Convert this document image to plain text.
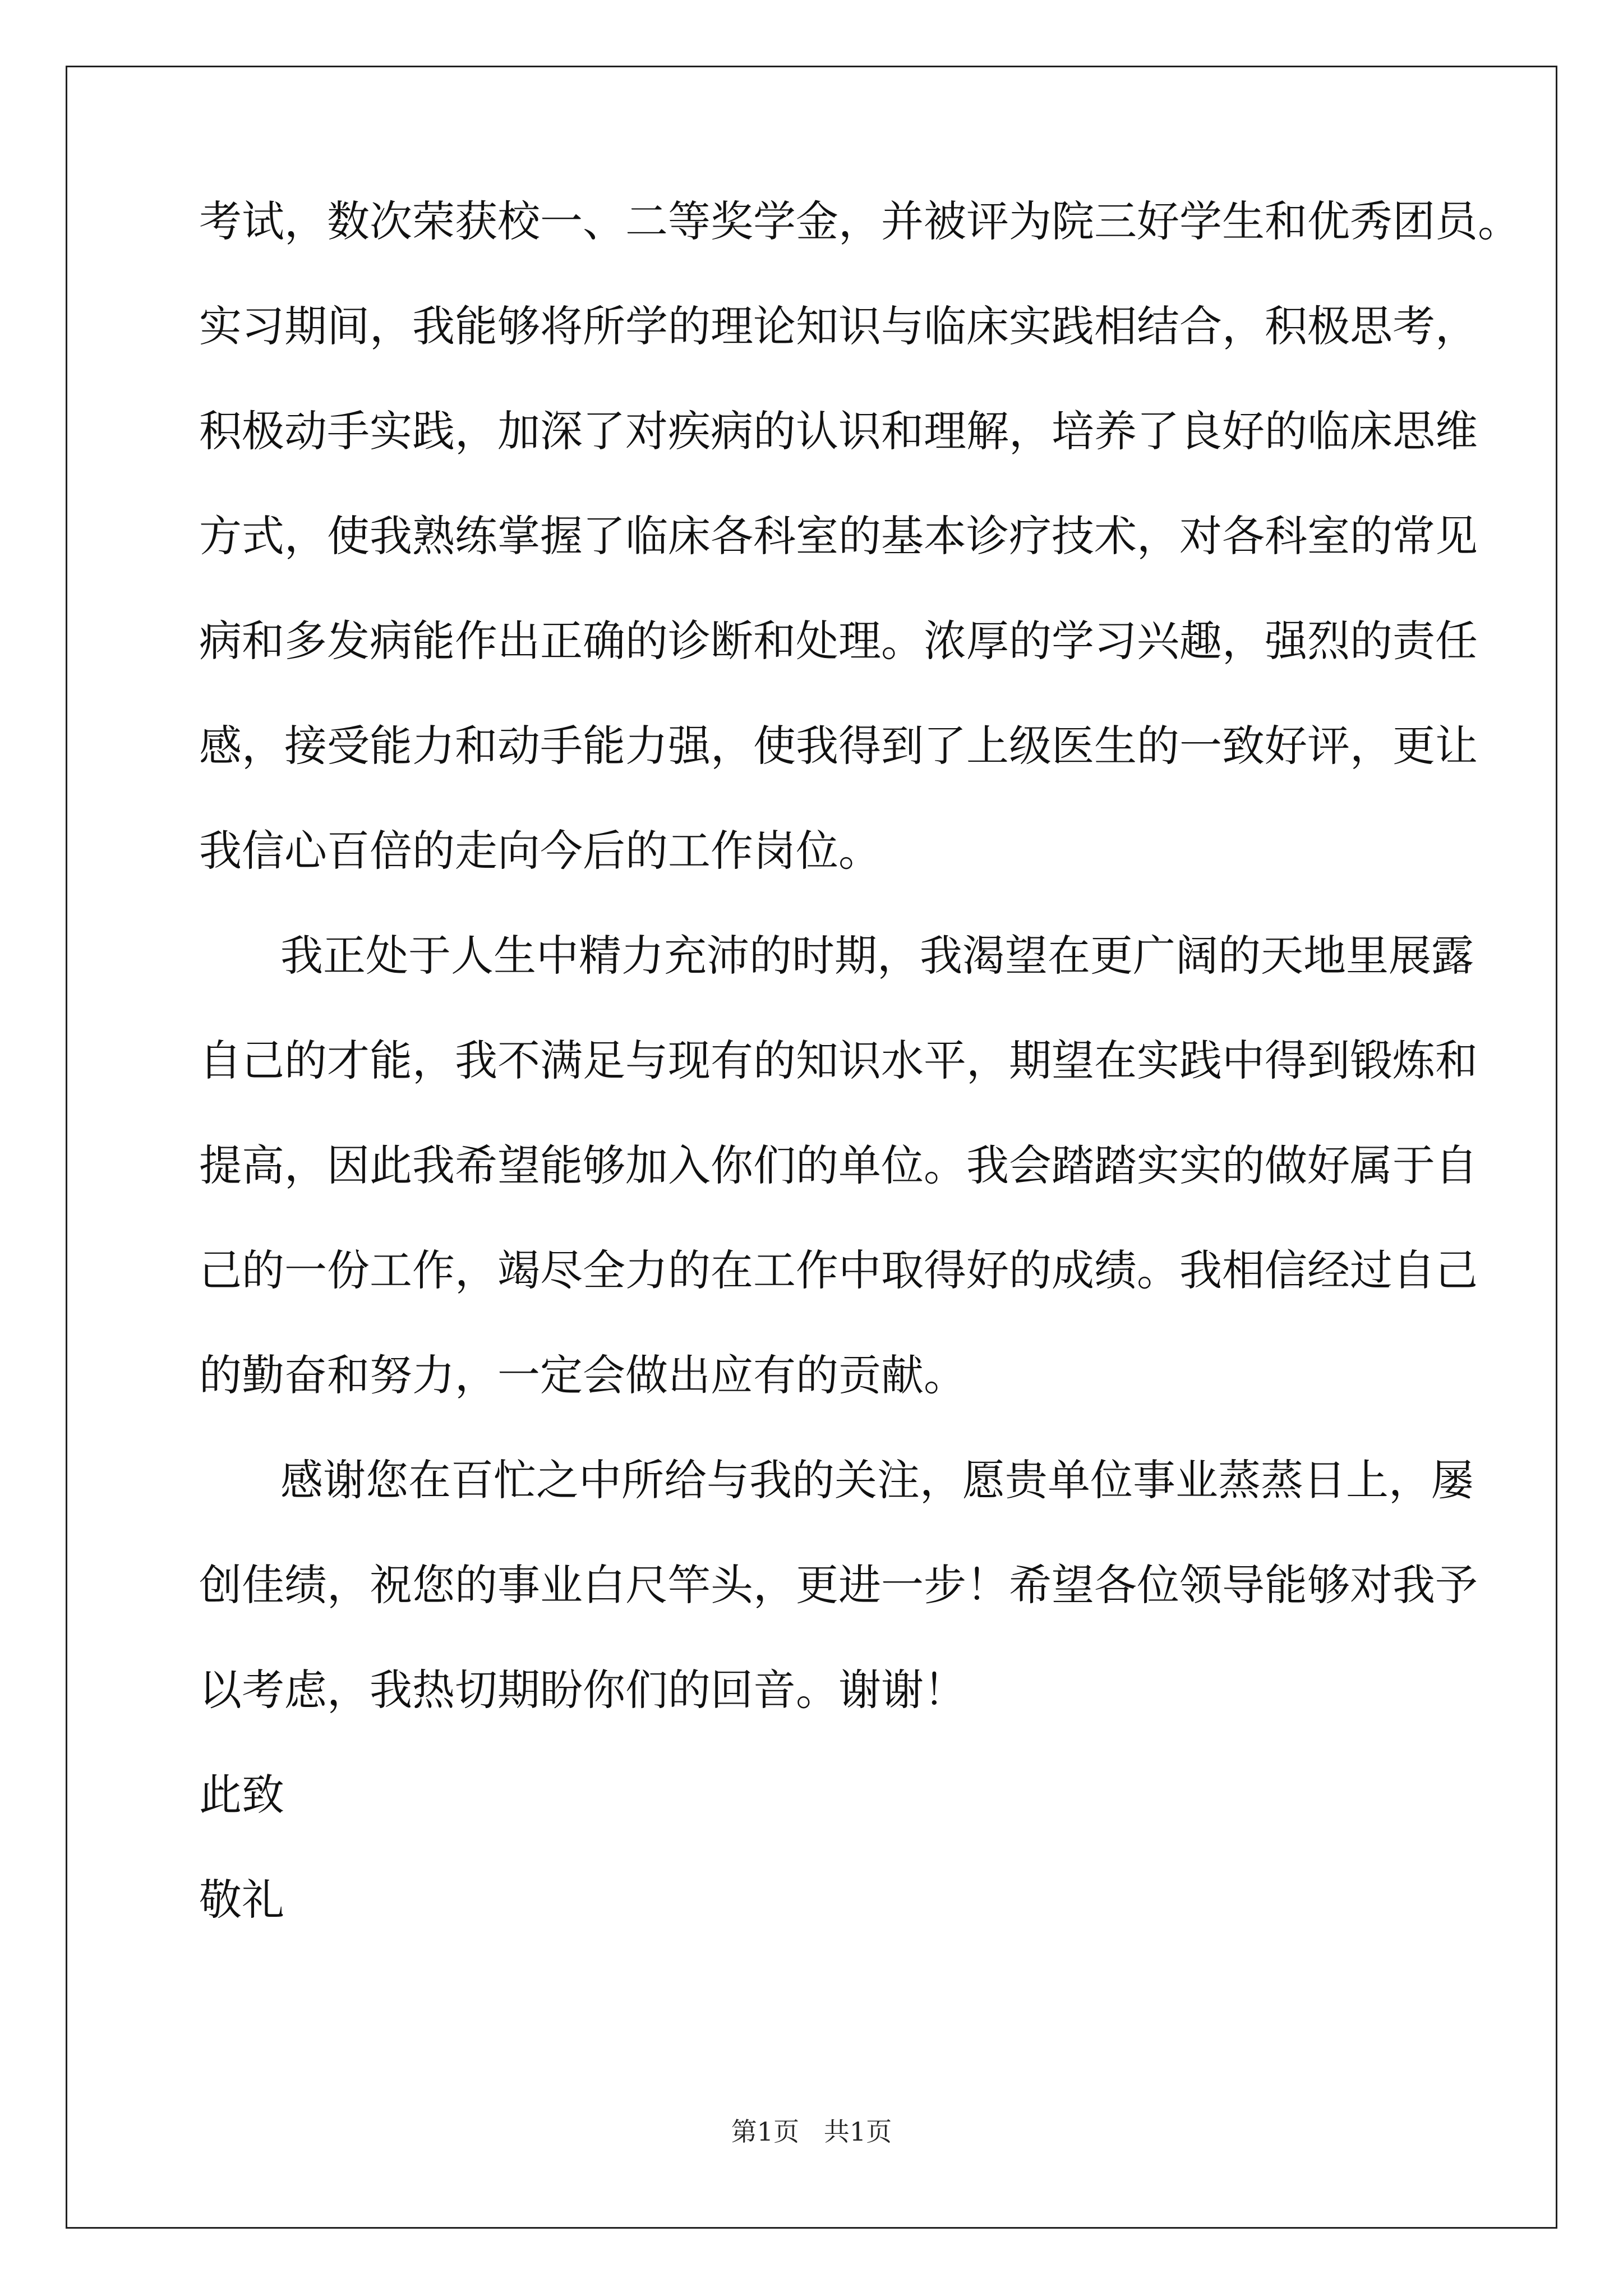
考试，数次荣获校一、二等奖学金，并被评为院三好学生和优秀团员。
实习期间，我能够将所学的理论知识与临床实践相结合，积极思考，
积极动手实践，加深了对疾病的认识和理解，培养了良好的临床思维
方式，使我熟练掌握了临床各科室的基本诊疗技术，对各科室的常见
病和多发病能作出正确的诊断和处理。浓厚的学习兴趣，强烈的责任
感，接受能力和动手能力强，使我得到了上级医生的一致好评，更让
我信心百倍的走向今后的工作岗位。
我正处于人生中精力充沛的时期，我渴望在更广阔的天地里展露
自己的才能，我不满足与现有的知识水平，期望在实践中得到锻炼和
提高，因此我希望能够加入你们的单位。我会踏踏实实的做好属于自
己的一份工作，竭尽全力的在工作中取得好的成绩。我相信经过自己
的勤奋和努力，一定会做出应有的贡献。
感谢您在百忙之中所给与我的关注，愿贵单位事业蒸蒸日上，屡
创佳绩，祝您的事业白尺竿头，更进一步！希望各位领导能够对我予
以考虑，我热切期盼你们的回音。谢谢！
此致
敬礼
第1页   共1页
